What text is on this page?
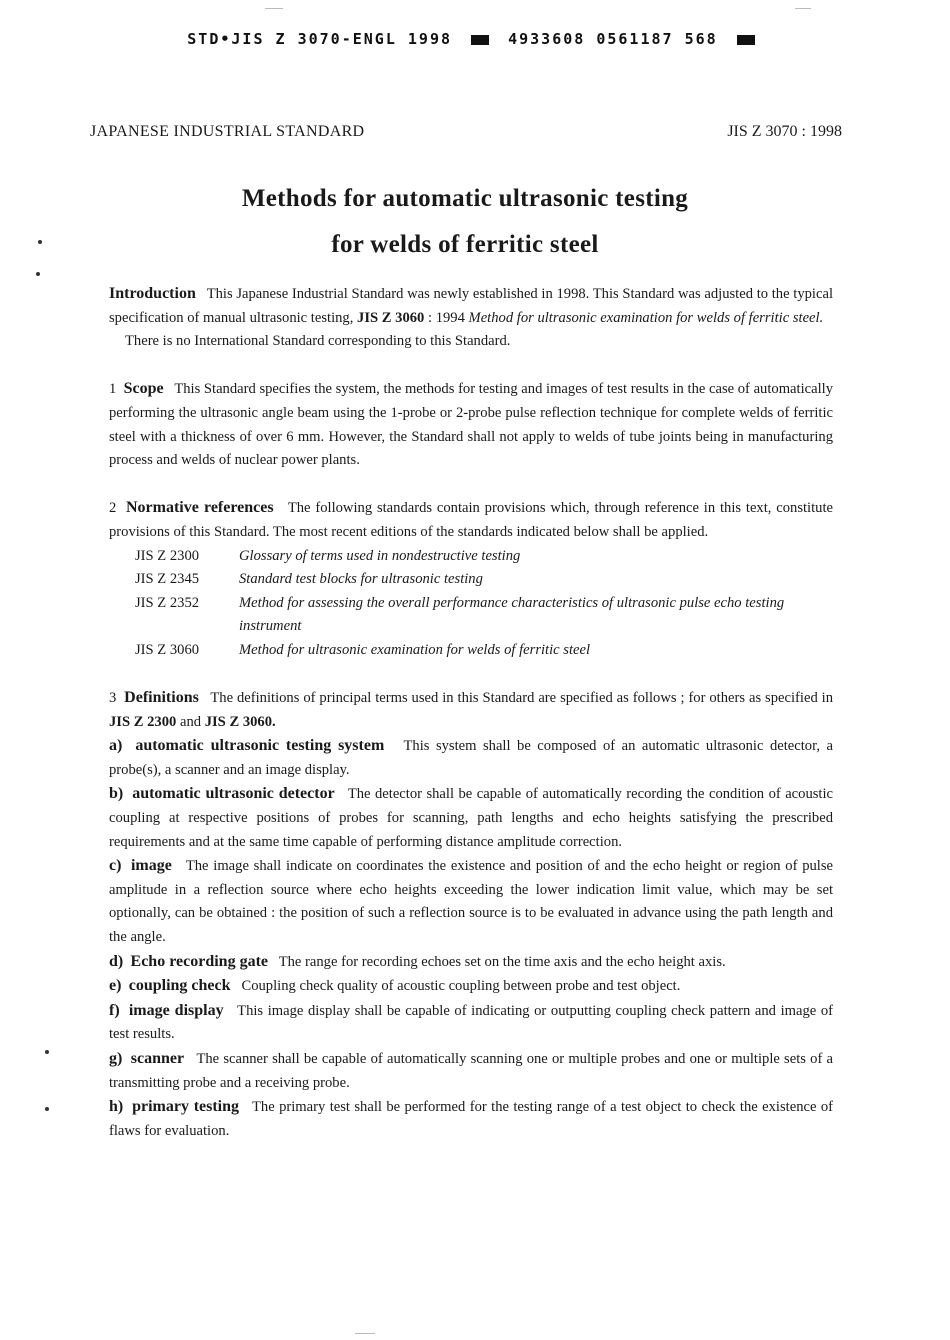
STD•JIS Z 3070-ENGL 1998	4933608 0561187 568
JAPANESE INDUSTRIAL STANDARD	JIS Z 3070 : 1998
Methods for automatic ultrasonic testing
for welds of ferritic steel

Introduction This Japanese Industrial Standard was newly established in 1998. This Standard was adjusted to the typical specification of manual ultrasonic testing, JIS Z 3060 : 1994 Method for ultrasonic examination for welds of ferritic steel.

There is no International Standard corresponding to this Standard.

1 Scope This Standard specifies the system, the methods for testing and images of test results in the case of automatically performing the ultrasonic angle beam using the 1-probe or 2-probe pulse reflection technique for complete welds of ferritic steel with a thickness of over 6 mm. However, the Standard shall not apply to welds of tube joints being in manufacturing process and welds of nuclear power plants.

2 Normative references The following standards contain provisions which, through reference in this text, constitute provisions of this Standard. The most recent editions of the standards indicated below shall be applied.

JIS Z 2300	Glossary of terms used in nondestructive testing
JIS Z 2345	Standard test blocks for ultrasonic testing
JIS Z 2352	Method for assessing the overall performance characteristics of ultrasonic pulse echo testing instrument
JIS Z 3060	Method for ultrasonic examination for welds of ferritic steel

3 Definitions The definitions of principal terms used in this Standard are specified as follows ; for others as specified in JIS Z 2300 and JIS Z 3060.

a) automatic ultrasonic testing system This system shall be composed of an automatic ultrasonic detector, a probe(s), a scanner and an image display.

b) automatic ultrasonic detector The detector shall be capable of automatically recording the condition of acoustic coupling at respective positions of probes for scanning, path lengths and echo heights satisfying the prescribed requirements and at the same time capable of performing distance amplitude correction.

c) image The image shall indicate on coordinates the existence and position of and the echo height or region of pulse amplitude in a reflection source where echo heights exceeding the lower indication limit value, which may be set optionally, can be obtained : the position of such a reflection source is to be evaluated in advance using the path length and the angle.

d) Echo recording gate The range for recording echoes set on the time axis and the echo height axis.

e) coupling check Coupling check quality of acoustic coupling between probe and test object.

f) image display This image display shall be capable of indicating or outputting coupling check pattern and image of test results.

g) scanner The scanner shall be capable of automatically scanning one or multiple probes and one or multiple sets of a transmitting probe and a receiving probe.

h) primary testing The primary test shall be performed for the testing range of a test object to check the existence of flaws for evaluation.
